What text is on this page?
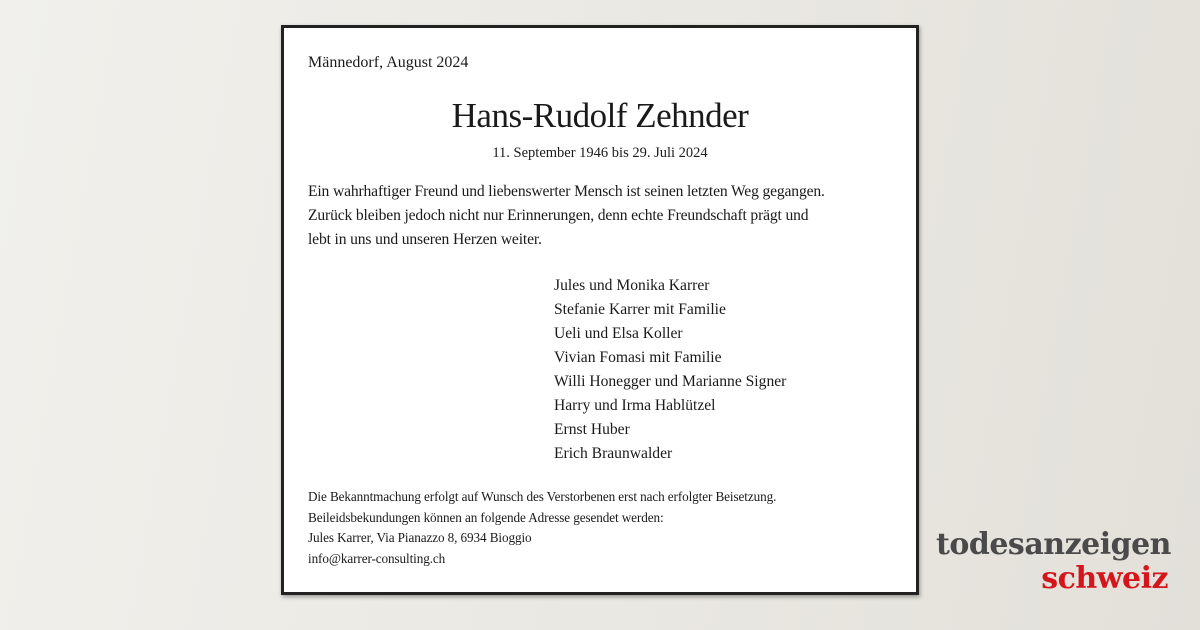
Männedorf, August 2024
Hans-Rudolf Zehnder
11. September 1946 bis 29. Juli 2024
Ein wahrhaftiger Freund und liebenswerter Mensch ist seinen letzten Weg gegangen.
Zurück bleiben jedoch nicht nur Erinnerungen, denn echte Freundschaft prägt und
lebt in uns und unseren Herzen weiter.
Jules und Monika Karrer
Stefanie Karrer mit Familie
Ueli und Elsa Koller
Vivian Fomasi mit Familie
Willi Honegger und Marianne Signer
Harry und Irma Hablützel
Ernst Huber
Erich Braunwalder
Die Bekanntmachung erfolgt auf Wunsch des Verstorbenen erst nach erfolgter Beisetzung.
Beileidsbekundungen können an folgende Adresse gesendet werden:
Jules Karrer, Via Pianazzo 8, 6934 Bioggio
info@karrer-consulting.ch	todesanzeigen
schweiz
